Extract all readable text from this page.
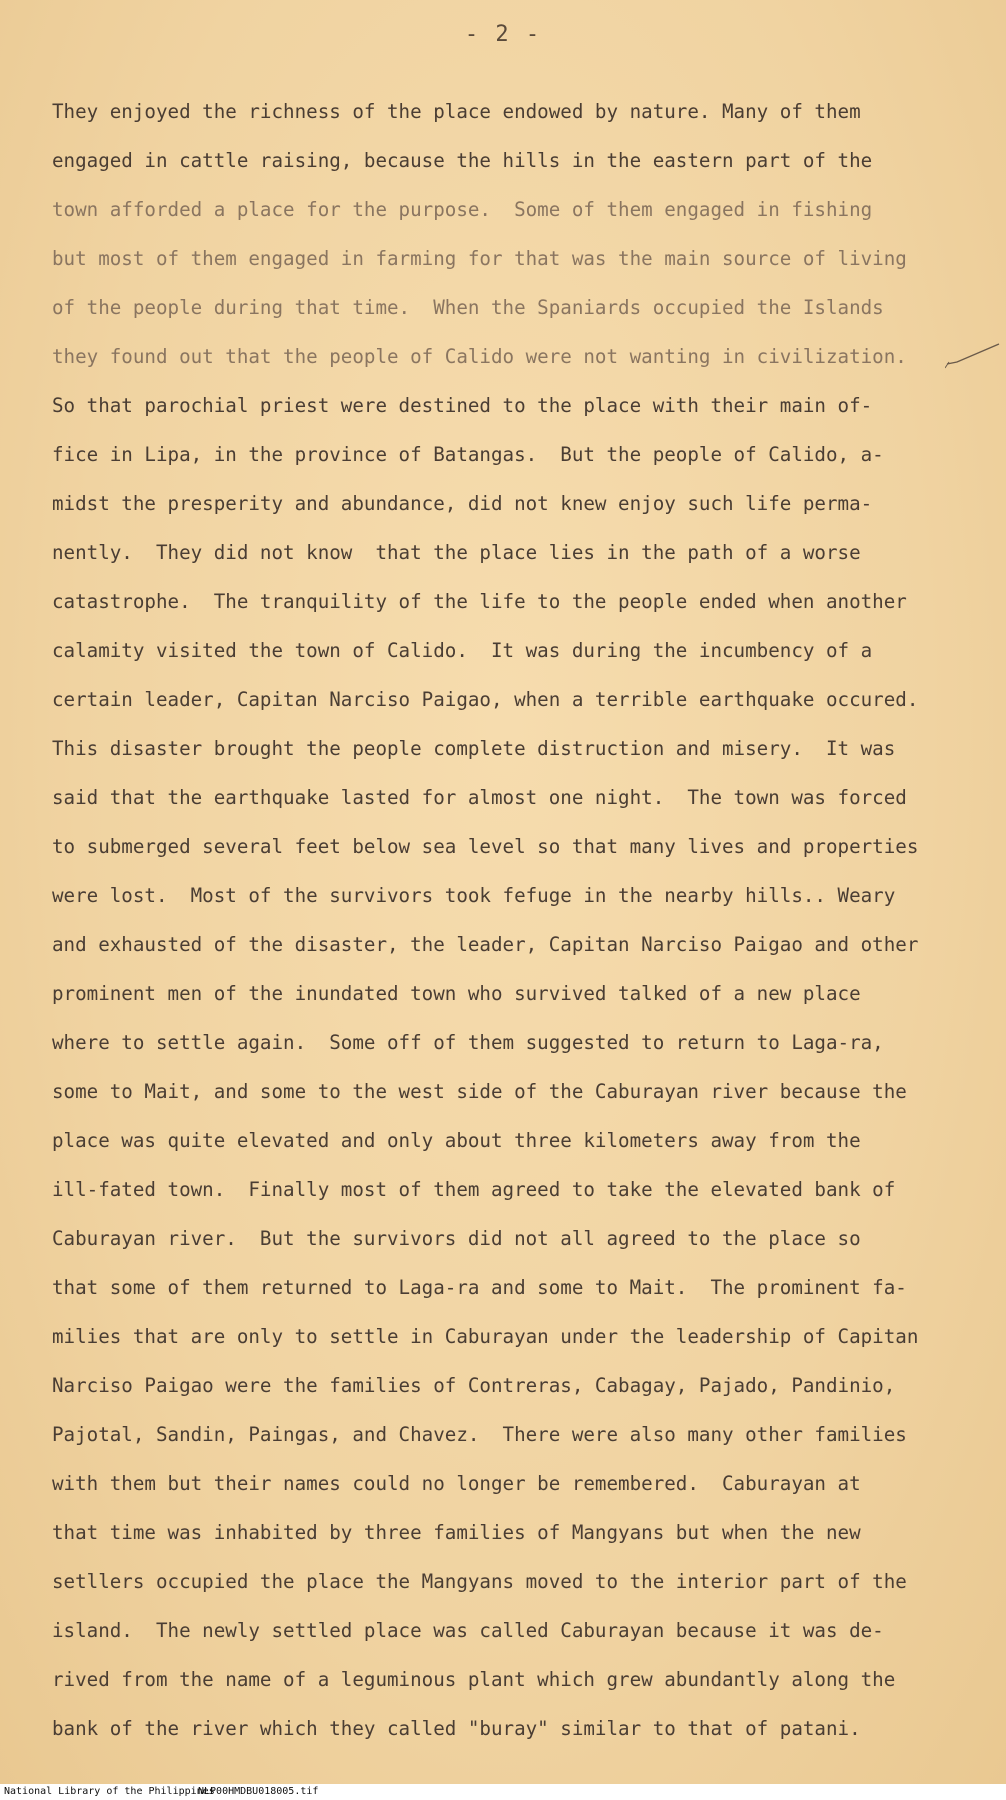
- 2 -
They enjoyed the richness of the place endowed by nature. Many of them
engaged in cattle raising, because the hills in the eastern part of the
town afforded a place for the purpose.  Some of them engaged in fishing
but most of them engaged in farming for that was the main source of living
of the people during that time.  When the Spaniards occupied the Islands
they found out that the people of Calido were not wanting in civilization.
So that parochial priest were destined to the place with their main of-
fice in Lipa, in the province of Batangas.  But the people of Calido, a-
midst the presperity and abundance, did not knew enjoy such life perma-
nently.  They did not know  that the place lies in the path of a worse
catastrophe.  The tranquility of the life to the people ended when another
calamity visited the town of Calido.  It was during the incumbency of a
certain leader, Capitan Narciso Paigao, when a terrible earthquake occured.
This disaster brought the people complete distruction and misery.  It was
said that the earthquake lasted for almost one night.  The town was forced
to submerged several feet below sea level so that many lives and properties
were lost.  Most of the survivors took fefuge in the nearby hills.. Weary
and exhausted of the disaster, the leader, Capitan Narciso Paigao and other
prominent men of the inundated town who survived talked of a new place
where to settle again.  Some off of them suggested to return to Laga-ra,
some to Mait, and some to the west side of the Caburayan river because the
place was quite elevated and only about three kilometers away from the
ill-fated town.  Finally most of them agreed to take the elevated bank of
Caburayan river.  But the survivors did not all agreed to the place so
that some of them returned to Laga-ra and some to Mait.  The prominent fa-
milies that are only to settle in Caburayan under the leadership of Capitan
Narciso Paigao were the families of Contreras, Cabagay, Pajado, Pandinio,
Pajotal, Sandin, Paingas, and Chavez.  There were also many other families
with them but their names could no longer be remembered.  Caburayan at
that time was inhabited by three families of Mangyans but when the new
setllers occupied the place the Mangyans moved to the interior part of the
island.  The newly settled place was called Caburayan because it was de-
rived from the name of a leguminous plant which grew abundantly along the
bank of the river which they called "buray" similar to that of patani.
National Library of the Philippines
NLP00HMDBU018005.tif
